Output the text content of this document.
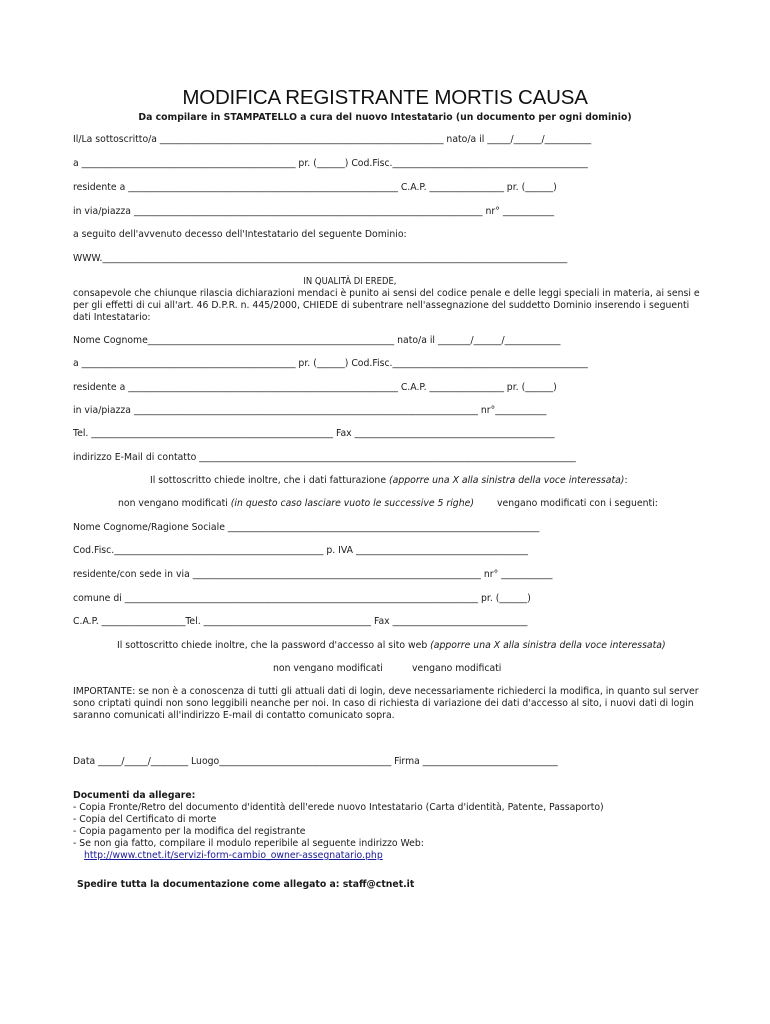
MODIFICA REGISTRANTE MORTIS CAUSA
Da compilare in STAMPATELLO a cura del nuovo Intestatario (un documento per ogni dominio)
Il/La sottoscritto/a _____________________________________________________________ nato/a il _____/______/__________
a ______________________________________________ pr. (______) Cod.Fisc.__________________________________________
residente a __________________________________________________________ C.A.P. ________________ pr. (______)
in via/piazza ___________________________________________________________________________ nr° ___________
a seguito dell'avvenuto decesso dell'Intestatario del seguente Dominio:
WWW.____________________________________________________________________________________________________
IN QUALITÀ DI EREDE,
consapevole che chiunque rilascia dichiarazioni mendaci è punito ai sensi del codice penale e delle leggi speciali in materia, ai sensi e per gli effetti di cui all'art. 46 D.P.R. n. 445/2000, CHIEDE di subentrare nell'assegnazione del suddetto Dominio inserendo i seguenti dati Intestatario:
Nome Cognome_____________________________________________________ nato/a il _______/______/____________
a ______________________________________________ pr. (______) Cod.Fisc.__________________________________________
residente a __________________________________________________________ C.A.P. ________________ pr. (______)
in via/piazza __________________________________________________________________________ nr°___________
Tel. ____________________________________________________ Fax ___________________________________________
indirizzo E-Mail di contatto _________________________________________________________________________________
Il sottoscritto chiede inoltre, che i dati fatturazione (apporre una X alla sinistra della voce interessata):
non vengano modificati (in questo caso lasciare vuoto le successive 5 righe) vengano modificati con i seguenti:
Nome Cognome/Ragione Sociale ___________________________________________________________________
Cod.Fisc._____________________________________________ p. IVA _____________________________________
residente/con sede in via ______________________________________________________________ nr° ___________
comune di ____________________________________________________________________________ pr. (______)
C.A.P. __________________Tel. ____________________________________ Fax _____________________________
Il sottoscritto chiede inoltre, che la password d'accesso al sito web (apporre una X alla sinistra della voce interessata)
non vengano modificati	vengano modificati
IMPORTANTE: se non è a conoscenza di tutti gli attuali dati di login, deve necessariamente richiederci la modifica, in quanto sul server sono criptati quindi non sono leggibili neanche per noi. In caso di richiesta di variazione dei dati d'accesso al sito, i nuovi dati di login saranno comunicati all'indirizzo E-mail di contatto comunicato sopra.
Data _____/_____/________ Luogo_____________________________________ Firma _____________________________
Documenti da allegare:
- Copia Fronte/Retro del documento d'identità dell'erede nuovo Intestatario (Carta d'identità, Patente, Passaporto)
- Copia del Certificato di morte
- Copia pagamento per la modifica del registrante
- Se non gia fatto, compilare il modulo reperibile al seguente indirizzo Web:
http://www.ctnet.it/servizi-form-cambio_owner-assegnatario.php
Spedire tutta la documentazione come allegato a: staff@ctnet.it
